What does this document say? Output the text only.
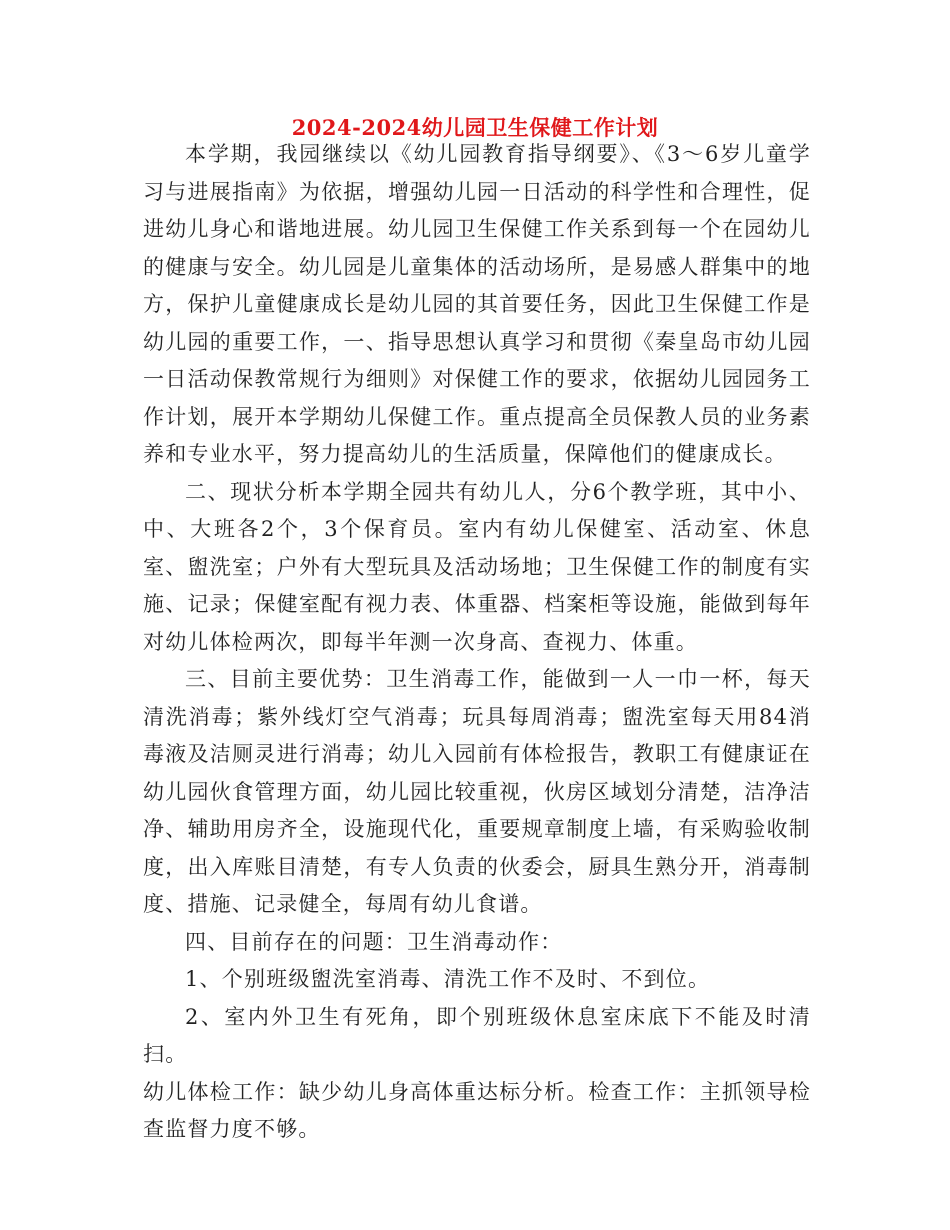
2024-2024幼儿园卫生保健工作计划

本学期，我园继续以《幼儿园教育指导纲要》、《3～6岁儿童学习与进展指南》为依据，增强幼儿园一日活动的科学性和合理性，促进幼儿身心和谐地进展。幼儿园卫生保健工作关系到每一个在园幼儿的健康与安全。幼儿园是儿童集体的活动场所，是易感人群集中的地方，保护儿童健康成长是幼儿园的其首要任务，因此卫生保健工作是幼儿园的重要工作，一、指导思想认真学习和贯彻《秦皇岛市幼儿园一日活动保教常规行为细则》对保健工作的要求，依据幼儿园园务工作计划，展开本学期幼儿保健工作。重点提高全员保教人员的业务素养和专业水平，努力提高幼儿的生活质量，保障他们的健康成长。

二、现状分析本学期全园共有幼儿人，分6个教学班，其中小、中、大班各2个，3个保育员。室内有幼儿保健室、活动室、休息室、盥洗室；户外有大型玩具及活动场地；卫生保健工作的制度有实施、记录；保健室配有视力表、体重器、档案柜等设施，能做到每年对幼儿体检两次，即每半年测一次身高、查视力、体重。

三、目前主要优势：卫生消毒工作，能做到一人一巾一杯，每天清洗消毒；紫外线灯空气消毒；玩具每周消毒；盥洗室每天用84消毒液及洁厕灵进行消毒；幼儿入园前有体检报告，教职工有健康证在幼儿园伙食管理方面，幼儿园比较重视，伙房区域划分清楚，洁净洁净、辅助用房齐全，设施现代化，重要规章制度上墙，有采购验收制度，出入库账目清楚，有专人负责的伙委会，厨具生熟分开，消毒制度、措施、记录健全，每周有幼儿食谱。

四、目前存在的问题：卫生消毒动作：

1、个别班级盥洗室消毒、清洗工作不及时、不到位。

2、室内外卫生有死角，即个别班级休息室床底下不能及时清扫。

幼儿体检工作：缺少幼儿身高体重达标分析。检查工作：主抓领导检查监督力度不够。
